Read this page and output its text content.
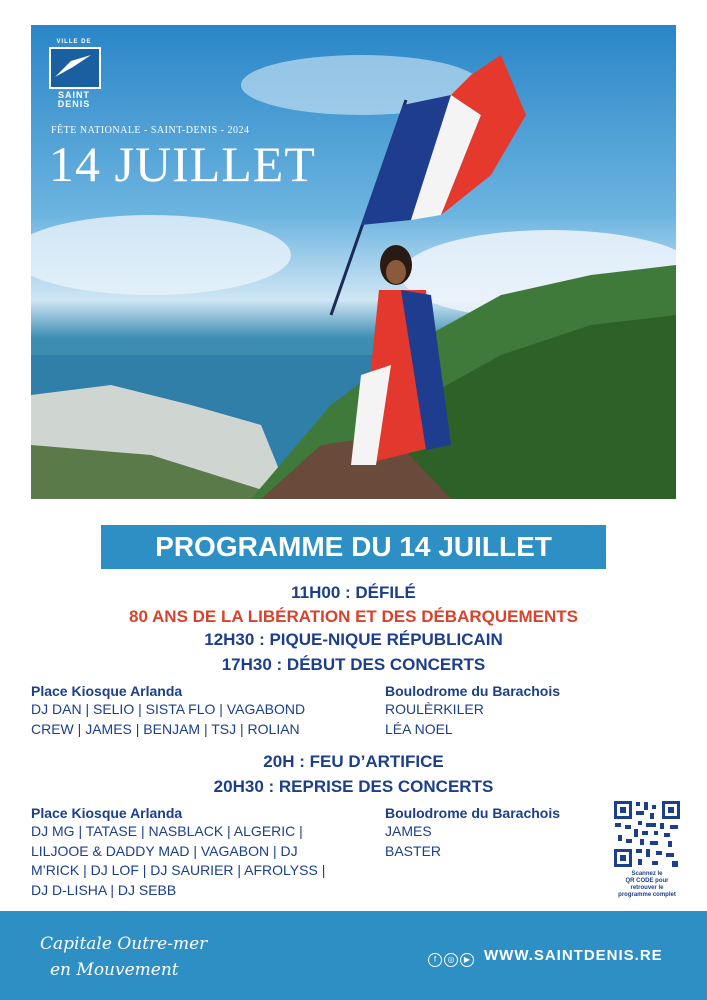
VILLE DE
SAINT
DENIS
FÊTE NATIONALE - SAINT-DENIS - 2024
14 JUILLET
PROGRAMME DU 14 JUILLET
11H00 : DÉFILÉ
80 ANS DE LA LIBÉRATION ET DES DÉBARQUEMENTS
12H30 : PIQUE-NIQUE RÉPUBLICAIN
17H30 : DÉBUT DES CONCERTS
Place Kiosque Arlanda
DJ DAN | SELIO | SISTA FLO | VAGABOND
CREW | JAMES | BENJAM | TSJ | ROLIAN
Boulodrome du Barachois
ROULÈRKILER
LÉA NOEL
20H : FEU D’ARTIFICE
20H30 : REPRISE DES CONCERTS
Place Kiosque Arlanda
DJ MG | TATASE | NASBLACK | ALGERIC |
LILJOOE & DADDY MAD | VAGABON | DJ
M’RICK | DJ LOF | DJ SAURIER | AFROLYSS |
DJ D-LISHA | DJ SEBB
Boulodrome du Barachois
JAMES
BASTER
Scannez le
QR CODE pour
retrouver le
programme complet
Capitale Outre-mer
en Mouvement
f ◎ ▶ WWW.SAINTDENIS.RE
